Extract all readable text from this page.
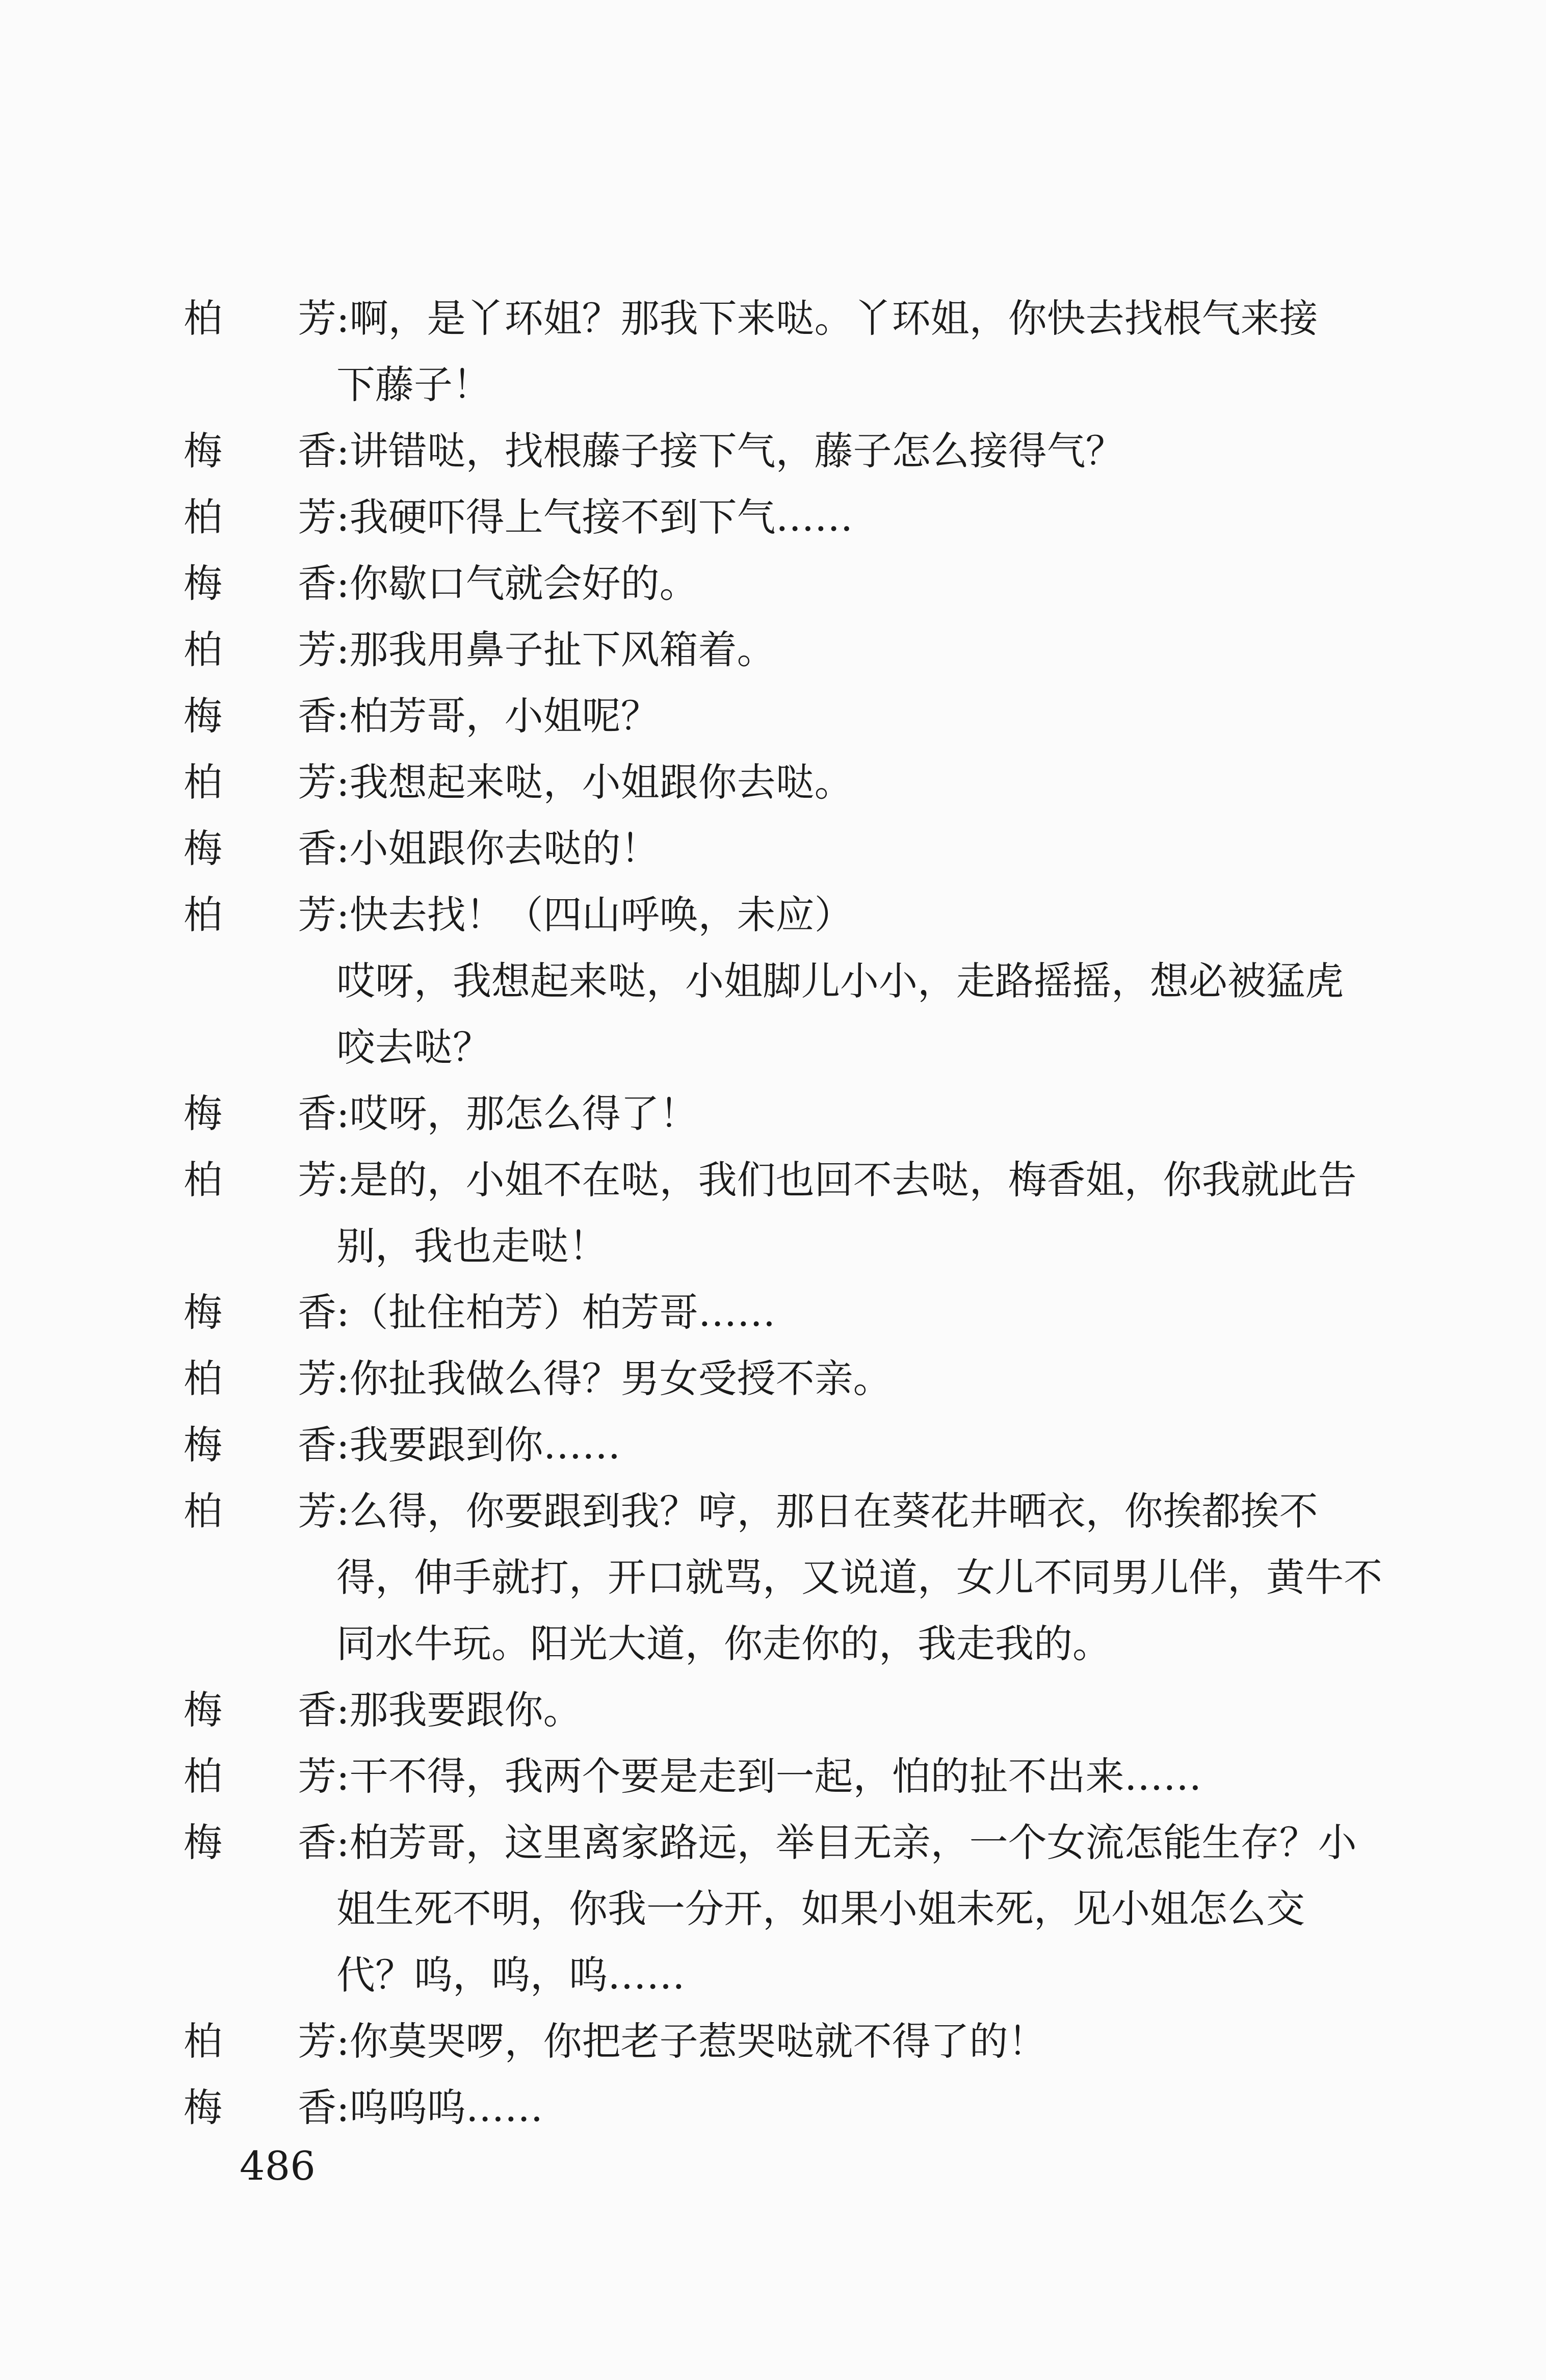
柏 芳
:啊，是丫环姐？那我下来哒。丫环姐，你快去找根气来接
下藤子！
梅 香
:讲错哒，找根藤子接下气，藤子怎么接得气？
柏 芳
:我硬吓得上气接不到下气……
梅 香
:你歇口气就会好的。
柏 芳
:那我用鼻子扯下风箱着。
梅 香
:柏芳哥，小姐呢？
柏 芳
:我想起来哒，小姐跟你去哒。
梅 香
:小姐跟你去哒的！
柏 芳
:快去找！（四山呼唤，未应）
哎呀，我想起来哒，小姐脚儿小小，走路摇摇，想必被猛虎
咬去哒？
梅 香
:哎呀，那怎么得了！
柏 芳
:是的，小姐不在哒，我们也回不去哒，梅香姐，你我就此告
别，我也走哒！
梅 香
:（扯住柏芳）柏芳哥……
柏 芳
:你扯我做么得？男女受授不亲。
梅 香
:我要跟到你……
柏 芳
:么得，你要跟到我？哼，那日在葵花井晒衣，你挨都挨不
得，伸手就打，开口就骂，又说道，女儿不同男儿伴，黄牛不
同水牛玩。阳光大道，你走你的，我走我的。
梅 香
:那我要跟你。
柏 芳
:干不得，我两个要是走到一起，怕的扯不出来……
梅 香
:柏芳哥，这里离家路远，举目无亲，一个女流怎能生存？小
姐生死不明，你我一分开，如果小姐未死，见小姐怎么交
代？呜，呜，呜……
柏 芳
:你莫哭啰，你把老子惹哭哒就不得了的！
梅 香
:呜呜呜……
486
